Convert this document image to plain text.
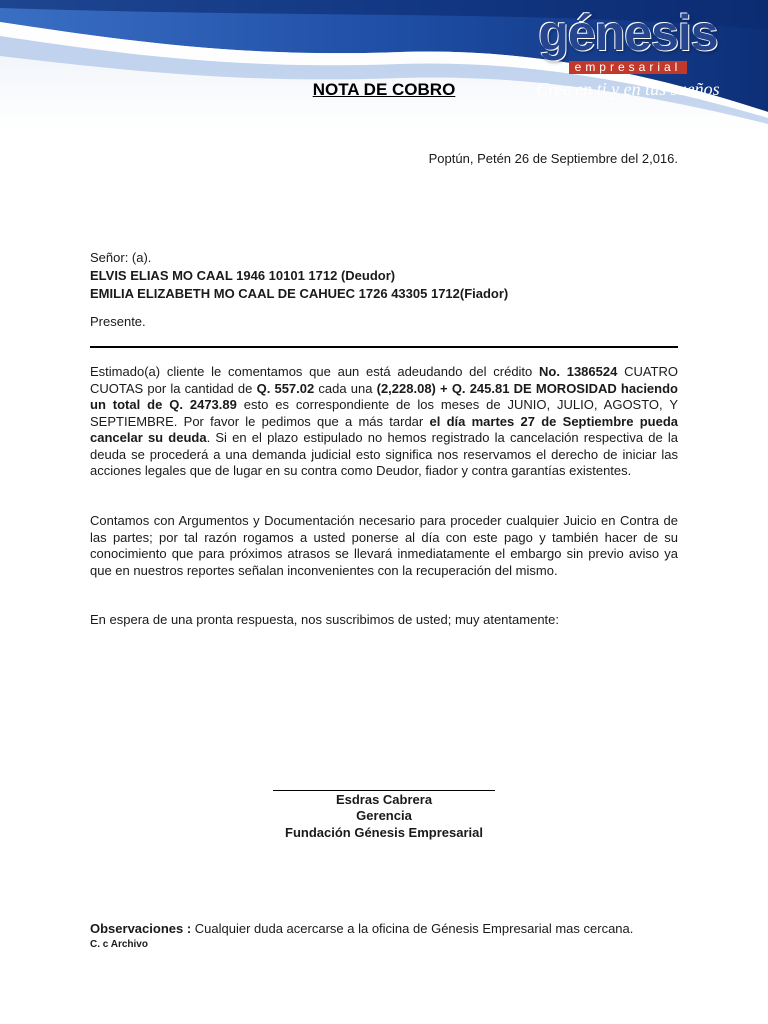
génesis
empresarial
Cree en ti y en tus sueños
NOTA DE COBRO
Poptún, Petén 26 de Septiembre del 2,016.
Señor: (a).
ELVIS ELIAS MO CAAL 1946 10101 1712 (Deudor)
EMILIA ELIZABETH MO CAAL DE CAHUEC 1726 43305 1712(Fiador)
Presente.
Estimado(a) cliente le comentamos que aun está adeudando del crédito No. 1386524 CUATRO CUOTAS por la cantidad de Q. 557.02 cada una (2,228.08) + Q. 245.81 DE MOROSIDAD haciendo un total de Q. 2473.89 esto es correspondiente de los meses de JUNIO, JULIO, AGOSTO, Y SEPTIEMBRE. Por favor le pedimos que a más tardar el día martes 27 de Septiembre pueda cancelar su deuda. Si en el plazo estipulado no hemos registrado la cancelación respectiva de la deuda se procederá a una demanda judicial esto significa nos reservamos el derecho de iniciar las acciones legales que de lugar en su contra como Deudor, fiador y contra garantías existentes.
Contamos con Argumentos y Documentación necesario para proceder cualquier Juicio en Contra de las partes; por tal razón rogamos a usted ponerse al día con este pago y también hacer de su conocimiento que para próximos atrasos se llevará inmediatamente el embargo sin previo aviso ya que en nuestros reportes señalan inconvenientes con la recuperación del mismo.
En espera de una pronta respuesta, nos suscribimos de usted; muy atentamente:
Esdras Cabrera
Gerencia
Fundación Génesis Empresarial
Observaciones : Cualquier duda acercarse a la oficina de Génesis Empresarial mas cercana.
C. c Archivo
